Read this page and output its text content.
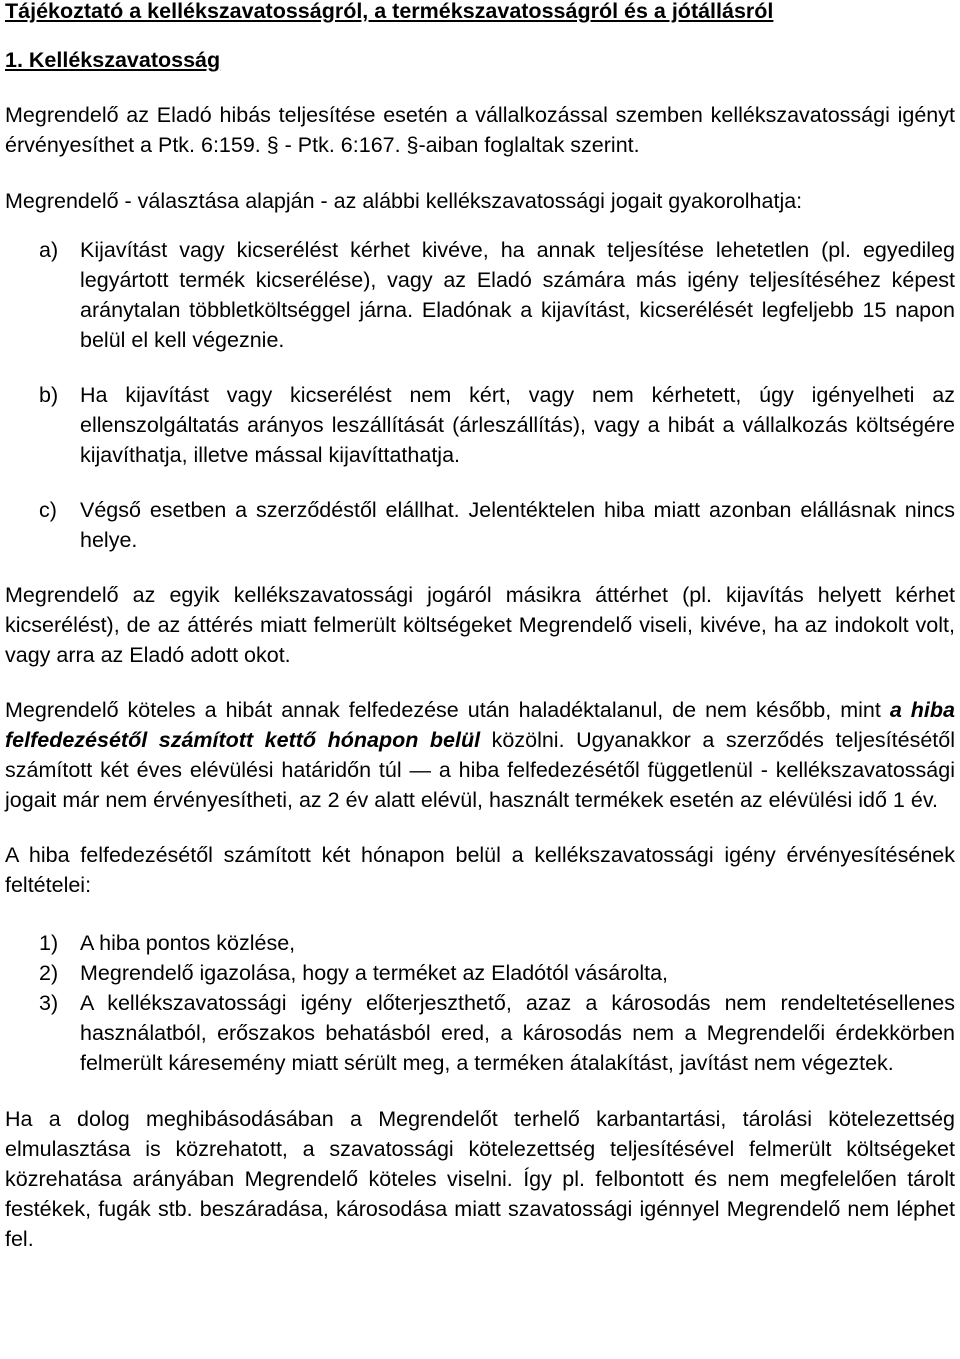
Tájékoztató a kellékszavatosságról, a termékszavatosságról és a jótállásról

1. Kellékszavatosság

Megrendelő az Eladó hibás teljesítése esetén a vállalkozással szemben kellékszavatossági igényt érvényesíthet a Ptk. 6:159. § - Ptk. 6:167. §-aiban foglaltak szerint.

Megrendelő - választása alapján - az alábbi kellékszavatossági jogait gyakorolhatja:

a) Kijavítást vagy kicserélést kérhet kivéve, ha annak teljesítése lehetetlen (pl. egyedileg legyártott termék kicserélése), vagy az Eladó számára más igény teljesítéséhez képest aránytalan többletköltséggel járna. Eladónak a kijavítást, kicserélését legfeljebb 15 napon belül el kell végeznie.

b) Ha kijavítást vagy kicserélést nem kért, vagy nem kérhetett, úgy igényelheti az ellenszolgáltatás arányos leszállítását (árleszállítás), vagy a hibát a vállalkozás költségére kijavíthatja, illetve mással kijavíttathatja.

c) Végső esetben a szerződéstől elállhat. Jelentéktelen hiba miatt azonban elállásnak nincs helye.

Megrendelő az egyik kellékszavatossági jogáról másikra áttérhet (pl. kijavítás helyett kérhet kicserélést), de az áttérés miatt felmerült költségeket Megrendelő viseli, kivéve, ha az indokolt volt, vagy arra az Eladó adott okot.

Megrendelő köteles a hibát annak felfedezése után haladéktalanul, de nem később, mint a hiba felfedezésétől számított kettő hónapon belül közölni. Ugyanakkor a szerződés teljesítésétől számított két éves elévülési határidőn túl — a hiba felfedezésétől függetlenül - kellékszavatossági jogait már nem érvényesítheti, az 2 év alatt elévül, használt termékek esetén az elévülési idő 1 év.

A hiba felfedezésétől számított két hónapon belül a kellékszavatossági igény érvényesítésének feltételei:

1) A hiba pontos közlése,

2) Megrendelő igazolása, hogy a terméket az Eladótól vásárolta,

3) A kellékszavatossági igény előterjeszthető, azaz a károsodás nem rendeltetésellenes használatból, erőszakos behatásból ered, a károsodás nem a Megrendelői érdekkörben felmerült káresemény miatt sérült meg, a terméken átalakítást, javítást nem végeztek.

Ha a dolog meghibásodásában a Megrendelőt terhelő karbantartási, tárolási kötelezettség elmulasztása is közrehatott, a szavatossági kötelezettség teljesítésével felmerült költségeket közrehatása arányában Megrendelő köteles viselni. Így pl. felbontott és nem megfelelően tárolt festékek, fugák stb. beszáradása, károsodása miatt szavatossági igénnyel Megrendelő nem léphet fel.
